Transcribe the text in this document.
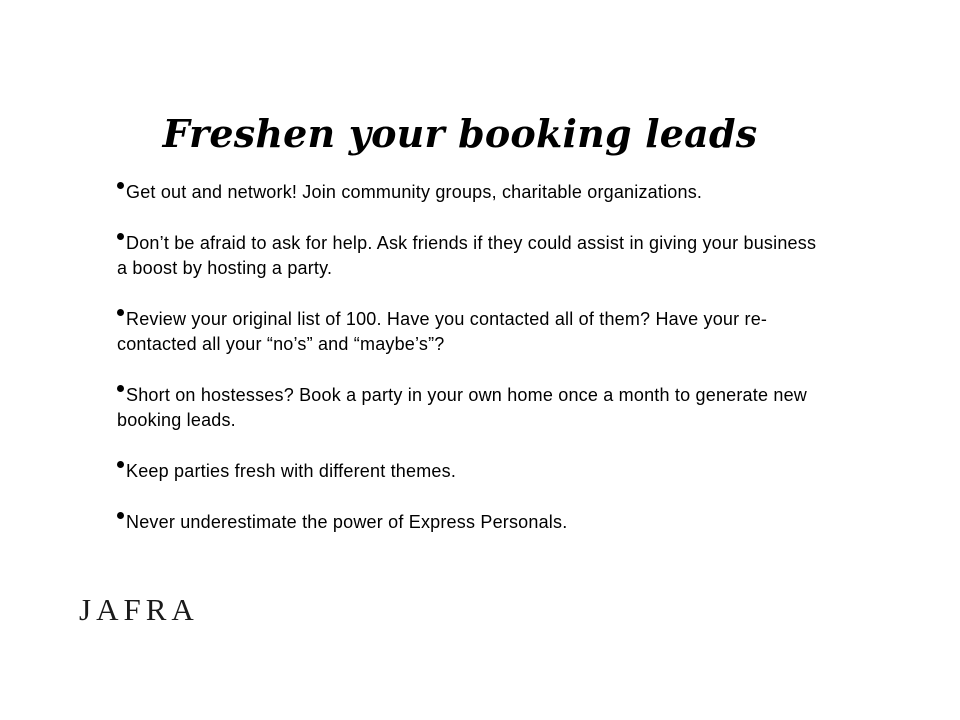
Freshen your booking leads
Get out and network! Join community groups, charitable organizations.
Don’t be afraid to ask for help. Ask friends if they could assist in giving your business a boost by hosting a party.
Review your original list of 100. Have you contacted all of them? Have your re-contacted all your “no’s” and “maybe’s”?
Short on hostesses? Book a party in your own home once a month to generate new booking leads.
Keep parties fresh with different themes.
Never underestimate the power of Express Personals.
JAFRA
